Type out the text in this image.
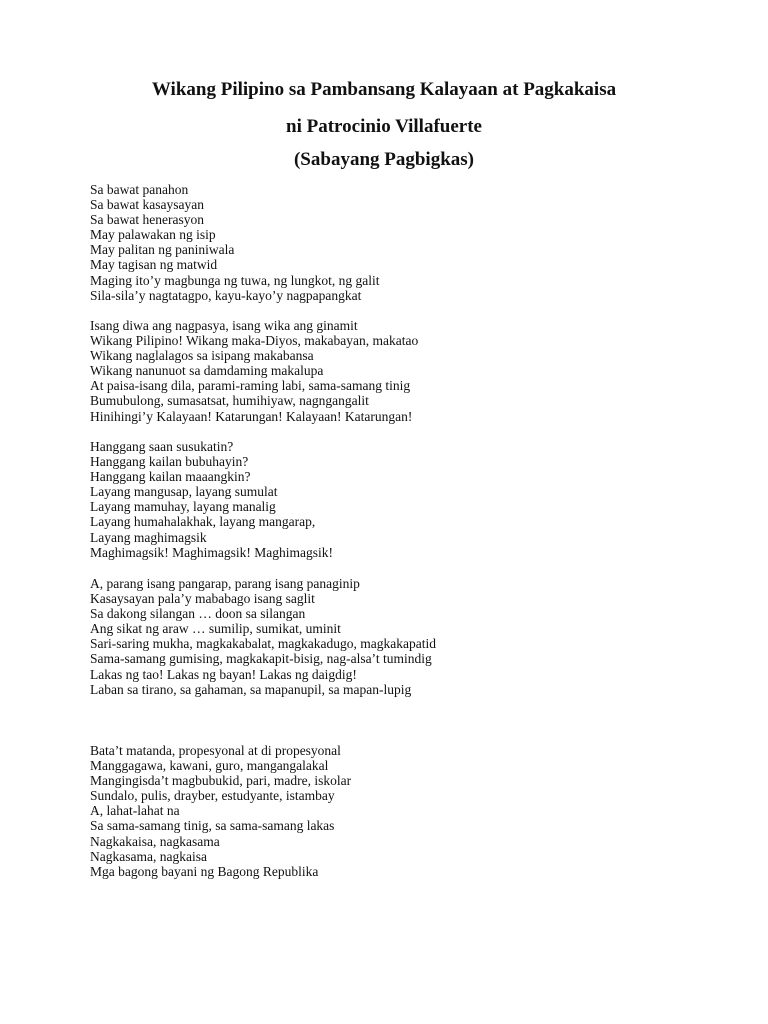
Wikang Pilipino sa Pambansang Kalayaan at Pagkakaisa
ni Patrocinio Villafuerte
(Sabayang Pagbigkas)
Sa bawat panahon
Sa bawat kasaysayan
Sa bawat henerasyon
May palawakan ng isip
May palitan ng paniniwala
May tagisan ng matwid
Maging ito’y magbunga ng tuwa, ng lungkot, ng galit
Sila-sila’y nagtatagpo, kayu-kayo’y nagpapangkat
Isang diwa ang nagpasya, isang wika ang ginamit
Wikang Pilipino! Wikang maka-Diyos, makabayan, makatao
Wikang naglalagos sa isipang makabansa
Wikang nanunuot sa damdaming makalupa
At paisa-isang dila, parami-raming labi, sama-samang tinig
Bumubulong, sumasatsat, humihiyaw, nagngangalit
Hinihingi’y Kalayaan! Katarungan! Kalayaan! Katarungan!
Hanggang saan susukatin?
Hanggang kailan bubuhayin?
Hanggang kailan maaangkin?
Layang mangusap, layang sumulat
Layang mamuhay, layang manalig
Layang humahalakhak, layang mangarap,
Layang maghimagsik
Maghimagsik! Maghimagsik! Maghimagsik!
A, parang isang pangarap, parang isang panaginip
Kasaysayan pala’y mababago isang saglit
Sa dakong silangan … doon sa silangan
Ang sikat ng araw … sumilip, sumikat, uminit
Sari-saring mukha, magkakabalat, magkakadugo, magkakapatid
Sama-samang gumising, magkakapit-bisig, nag-alsa’t tumindig
Lakas ng tao! Lakas ng bayan! Lakas ng daigdig!
Laban sa tirano, sa gahaman, sa mapanupil, sa mapan-lupig
Bata’t matanda, propesyonal at di propesyonal
Manggagawa, kawani, guro, mangangalakal
Mangingisda’t magbubukid, pari, madre, iskolar
Sundalo, pulis, drayber, estudyante, istambay
A, lahat-lahat na
Sa sama-samang tinig, sa sama-samang lakas
Nagkakaisa, nagkasama
Nagkasama, nagkaisa
Mga bagong bayani ng Bagong Republika
